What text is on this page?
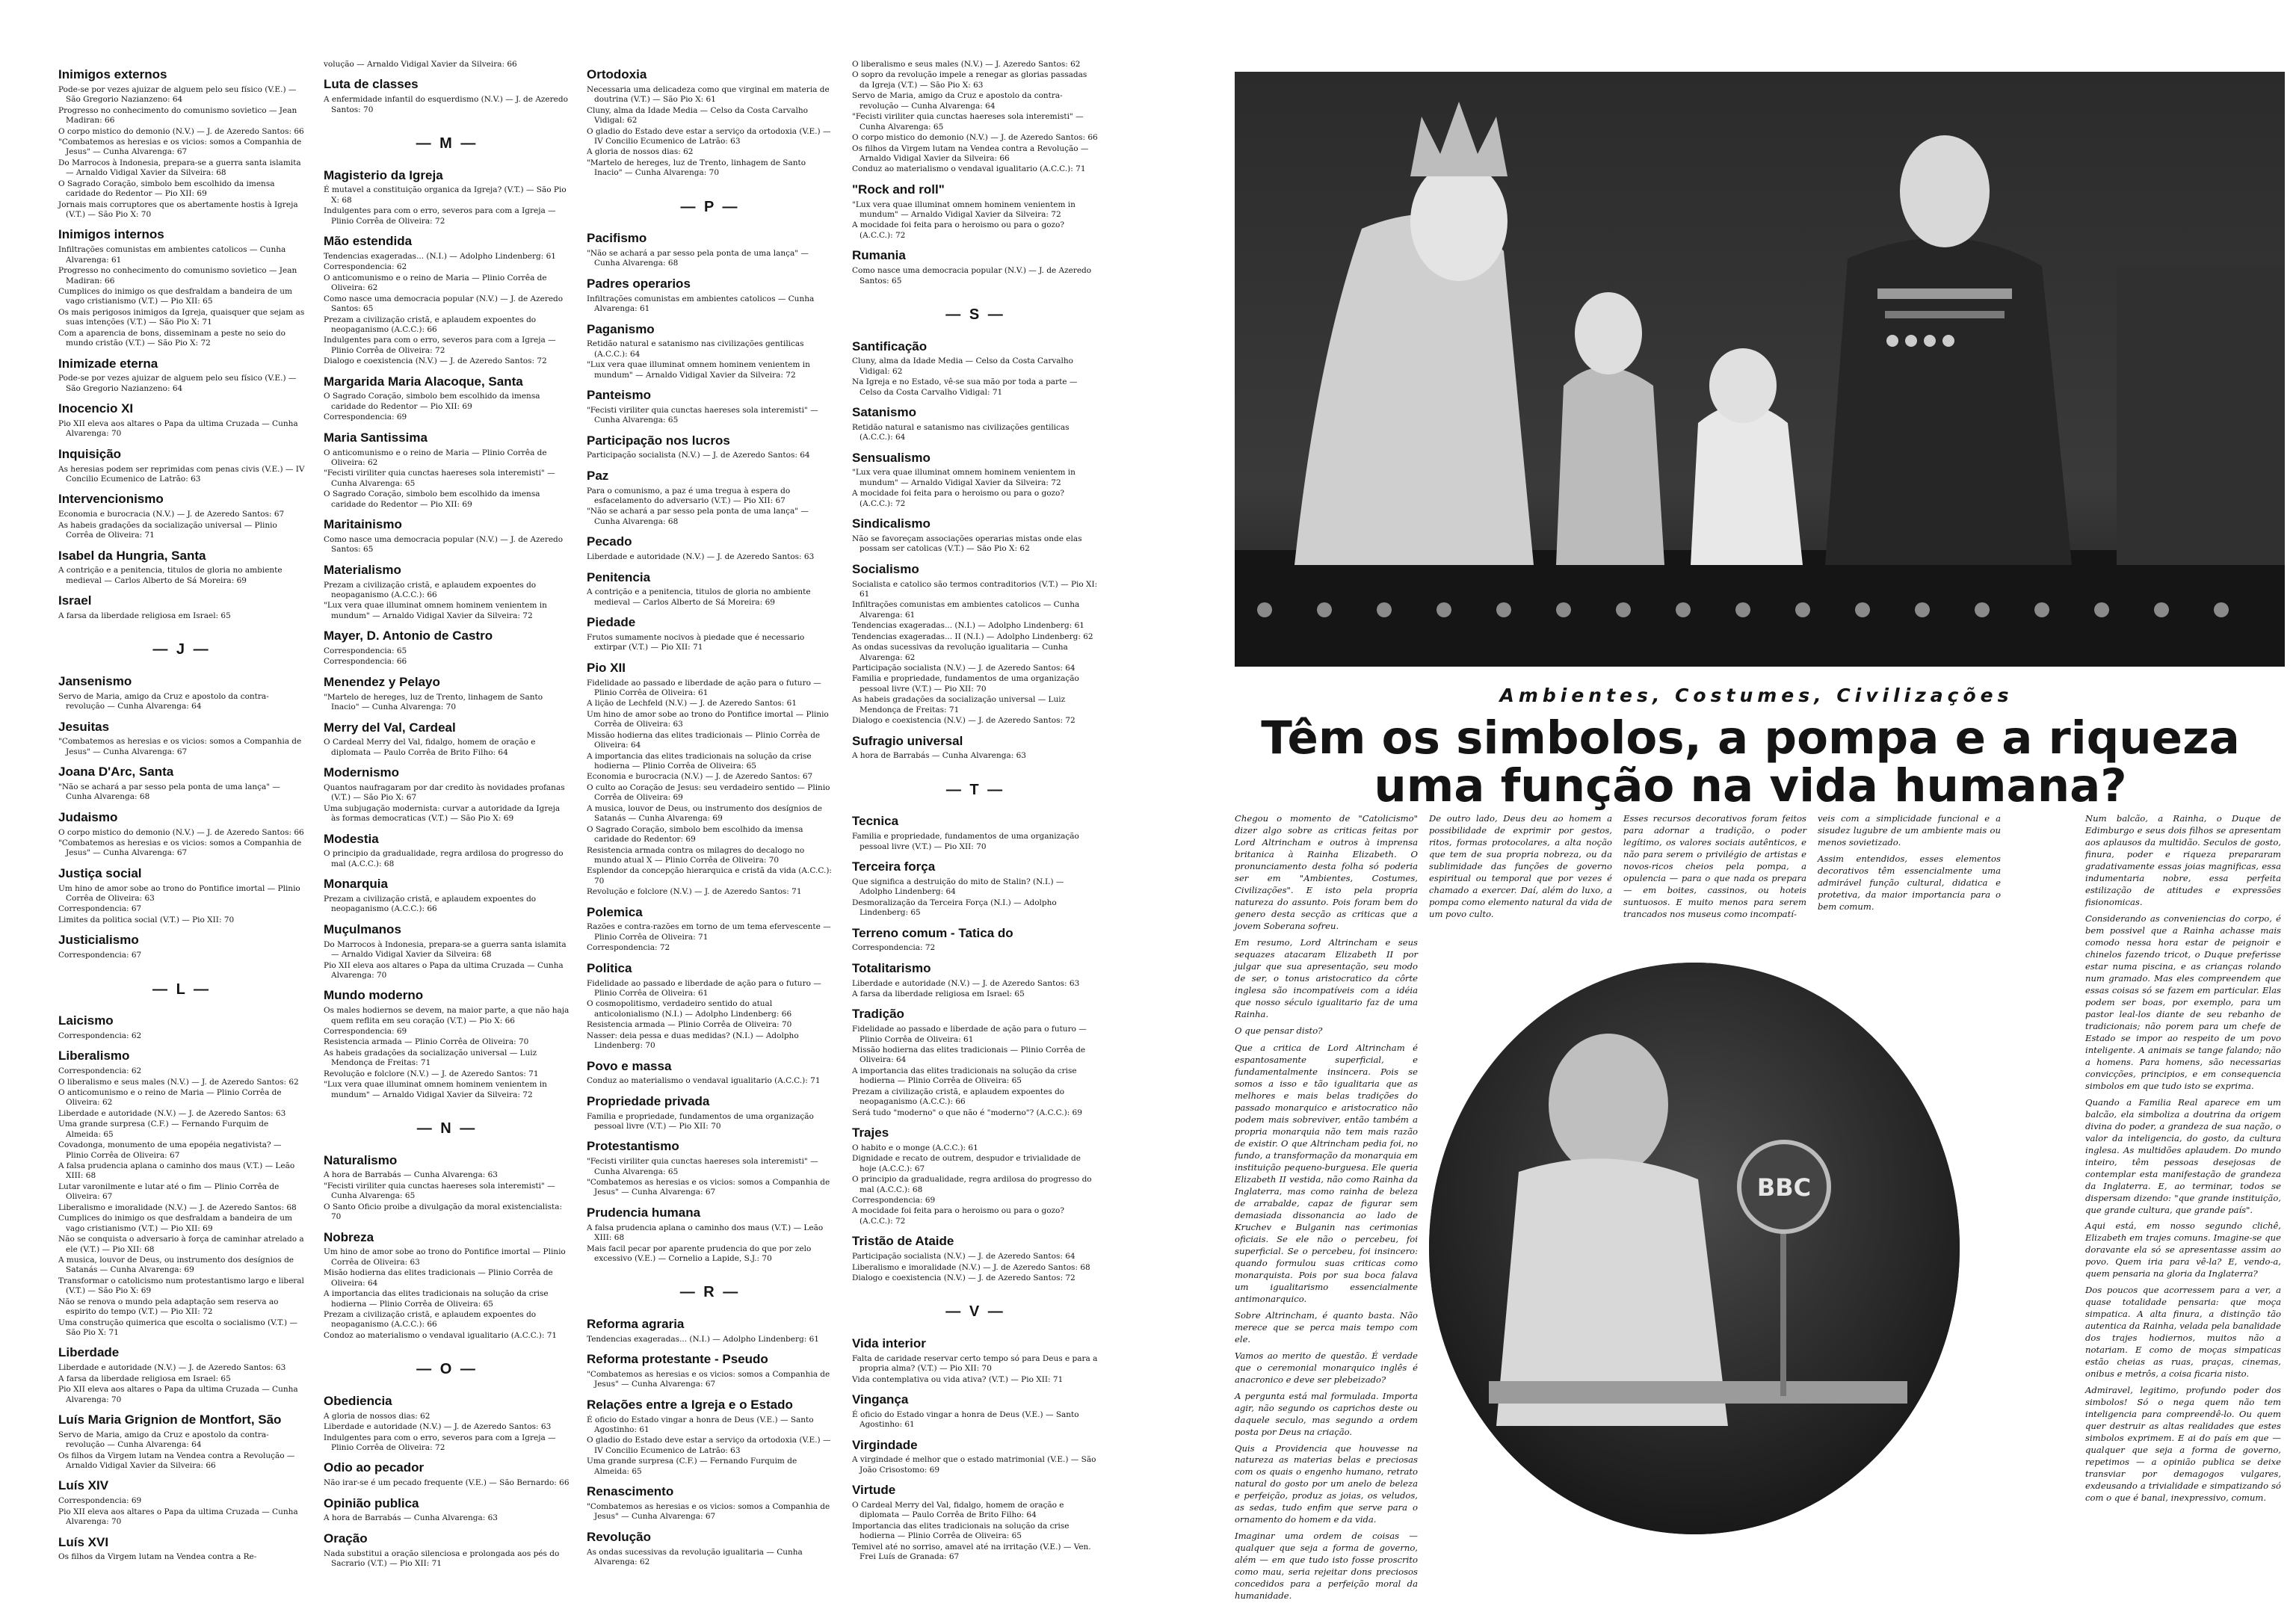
Inimigos externos
Pode-se por vezes ajuizar de alguem pelo seu físico (V.E.) — São Gregorio Nazianzeno: 64
Progresso no conhecimento do comunismo sovietico — Jean Madiran: 66
O corpo mistico do demonio (N.V.) — J. de Azeredo Santos: 66
"Combatemos as heresias e os vicios: somos a Companhia de Jesus" — Cunha Alvarenga: 67
Do Marrocos à Indonesia, prepara-se a guerra santa islamita — Arnaldo Vidigal Xavier da Silveira: 68
O Sagrado Coração, simbolo bem escolhido da imensa caridade do Redentor — Pio XII: 69
Jornais mais corruptores que os abertamente hostis à Igreja (V.T.) — São Pio X: 70
Inimigos internos
Infiltrações comunistas em ambientes catolicos — Cunha Alvarenga: 61
Progresso no conhecimento do comunismo sovietico — Jean Madiran: 66
Cumplices do inimigo os que desfraldam a bandeira de um vago cristianismo (V.T.) — Pio XII: 65
Os mais perigosos inimigos da Igreja, quaisquer que sejam as suas intenções (V.T.) — São Pio X: 71
Com a aparencia de bons, disseminam a peste no seio do mundo cristão (V.T.) — São Pio X: 72
Inimizade eterna
Pode-se por vezes ajuizar de alguem pelo seu físico (V.E.) — São Gregorio Nazianzeno: 64
Inocencio XI
Pio XII eleva aos altares o Papa da ultima Cruzada — Cunha Alvarenga: 70
Inquisição
As heresias podem ser reprimidas com penas civis (V.E.) — IV Concilio Ecumenico de Latrão: 63
Intervencionismo
Economia e burocracia (N.V.) — J. de Azeredo Santos: 67
As habeis gradações da socialização universal — Plinio Corrêa de Oliveira: 71
Isabel da Hungria, Santa
A contrição e a penitencia, titulos de gloria no ambiente medieval — Carlos Alberto de Sá Moreira: 69
Israel
A farsa da liberdade religiosa em Israel: 65
— J —
Jansenismo
Servo de Maria, amigo da Cruz e apostolo da contra-revolução — Cunha Alvarenga: 64
Jesuitas
"Combatemos as heresias e os vicios: somos a Companhia de Jesus" — Cunha Alvarenga: 67
Joana D'Arc, Santa
"Não se achará a par sesso pela ponta de uma lança" — Cunha Alvarenga: 68
Judaismo
O corpo mistico do demonio (N.V.) — J. de Azeredo Santos: 66
"Combatemos as heresias e os vicios: somos a Companhia de Jesus" — Cunha Alvarenga: 67
Justiça social
Um hino de amor sobe ao trono do Pontifice imortal — Plinio Corrêa de Oliveira: 63
Correspondencia: 67
Limites da politica social (V.T.) — Pio XII: 70
Justicialismo
Correspondencia: 67
— L —
Laicismo
Correspondencia: 62
Liberalismo
Correspondencia: 62
O liberalismo e seus males (N.V.) — J. de Azeredo Santos: 62
O anticomunismo e o reino de Maria — Plinio Corrêa de Oliveira: 62
Liberdade e autoridade (N.V.) — J. de Azeredo Santos: 63
Uma grande surpresa (C.F.) — Fernando Furquim de Almeida: 65
Covadonga, monumento de uma epopéia negativista? — Plinio Corrêa de Oliveira: 67
A falsa prudencia aplana o caminho dos maus (V.T.) — Leão XIII: 68
Lutar varonilmente e lutar até o fim — Plinio Corrêa de Oliveira: 67
Liberalismo e imoralidade (N.V.) — J. de Azeredo Santos: 68
Cumplices do inimigo os que desfraldam a bandeira de um vago cristianismo (V.T.) — Pio XII: 69
Não se conquista o adversario à força de caminhar atrelado a ele (V.T.) — Pio XII: 68
A musica, louvor de Deus, ou instrumento dos desígnios de Satanás — Cunha Alvarenga: 69
Transformar o catolicismo num protestantismo largo e liberal (V.T.) — São Pio X: 69
Não se renova o mundo pela adaptação sem reserva ao espirito do tempo (V.T.) — Pio XII: 72
Uma construção quimerica que escolta o socialismo (V.T.) — São Pio X: 71
Liberdade
Liberdade e autoridade (N.V.) — J. de Azeredo Santos: 63
A farsa da liberdade religiosa em Israel: 65
Pio XII eleva aos altares o Papa da ultima Cruzada — Cunha Alvarenga: 70
Luís Maria Grignion de Montfort, São
Servo de Maria, amigo da Cruz e apostolo da contra-revolução — Cunha Alvarenga: 64
Os filhos da Virgem lutam na Vendea contra a Revolução — Arnaldo Vidigal Xavier da Silveira: 66
Luís XIV
Correspondencia: 69
Pio XII eleva aos altares o Papa da ultima Cruzada — Cunha Alvarenga: 70
Luís XVI
Os filhos da Virgem lutam na Vendea contra a Re-
volução — Arnaldo Vidigal Xavier da Silveira: 66
Luta de classes
A enfermidade infantil do esquerdismo (N.V.) — J. de Azeredo Santos: 70
— M —
Magisterio da Igreja
É mutavel a constituição organica da Igreja? (V.T.) — São Pio X: 68
Indulgentes para com o erro, severos para com a Igreja — Plinio Corrêa de Oliveira: 72
Mão estendida
Tendencias exageradas... (N.I.) — Adolpho Lindenberg: 61
Correspondencia: 62
O anticomunismo e o reino de Maria — Plinio Corrêa de Oliveira: 62
Como nasce uma democracia popular (N.V.) — J. de Azeredo Santos: 65
Prezam a civilização cristã, e aplaudem expoentes do neopaganismo (A.C.C.): 66
Indulgentes para com o erro, severos para com a Igreja — Plinio Corrêa de Oliveira: 72
Dialogo e coexistencia (N.V.) — J. de Azeredo Santos: 72
Margarida Maria Alacoque, Santa
O Sagrado Coração, simbolo bem escolhido da imensa caridade do Redentor — Pio XII: 69
Correspondencia: 69
Maria Santissima
O anticomunismo e o reino de Maria — Plinio Corrêa de Oliveira: 62
"Fecisti viriliter quia cunctas haereses sola interemisti" — Cunha Alvarenga: 65
O Sagrado Coração, simbolo bem escolhido da imensa caridade do Redentor — Pio XII: 69
Maritainismo
Como nasce uma democracia popular (N.V.) — J. de Azeredo Santos: 65
Materialismo
Prezam a civilização cristã, e aplaudem expoentes do neopaganismo (A.C.C.): 66
"Lux vera quae illuminat omnem hominem venientem in mundum" — Arnaldo Vidigal Xavier da Silveira: 72
Mayer, D. Antonio de Castro
Correspondencia: 65
Correspondencia: 66
Menendez y Pelayo
"Martelo de hereges, luz de Trento, linhagem de Santo Inacio" — Cunha Alvarenga: 70
Merry del Val, Cardeal
O Cardeal Merry del Val, fidalgo, homem de oração e diplomata — Paulo Corrêa de Brito Filho: 64
Modernismo
Quantos naufragaram por dar credito às novidades profanas (V.T.) — São Pio X: 67
Uma subjugação modernista: curvar a autoridade da Igreja às formas democraticas (V.T.) — São Pio X: 69
Modestia
O principio da gradualidade, regra ardilosa do progresso do mal (A.C.C.): 68
Monarquia
Prezam a civilização cristã, e aplaudem expoentes do neopaganismo (A.C.C.): 66
Muçulmanos
Do Marrocos à Indonesia, prepara-se a guerra santa islamita — Arnaldo Vidigal Xavier da Silveira: 68
Pio XII eleva aos altares o Papa da ultima Cruzada — Cunha Alvarenga: 70
Mundo moderno
Os males hodiernos se devem, na maior parte, a que não haja quem reflita em seu coração (V.T.) — Pio X: 66
Correspondencia: 69
Resistencia armada — Plinio Corrêa de Oliveira: 70
As habeis gradações da socialização universal — Luiz Mendonça de Freitas: 71
Revolução e folclore (N.V.) — J. de Azeredo Santos: 71
"Lux vera quae illuminat omnem hominem venientem in mundum" — Arnaldo Vidigal Xavier da Silveira: 72
— N —
Naturalismo
A hora de Barrabás — Cunha Alvarenga: 63
"Fecisti viriliter quia cunctas haereses sola interemisti" — Cunha Alvarenga: 65
O Santo Oficio proibe a divulgação da moral existencialista: 70
Nobreza
Um hino de amor sobe ao trono do Pontifice imortal — Plinio Corrêa de Oliveira: 63
Misão hodierna das elites tradicionais — Plinio Corrêa de Oliveira: 64
A importancia das elites tradicionais na solução da crise hodierna — Plinio Corrêa de Oliveira: 65
Prezam a civilização cristã, e aplaudem expoentes do neopaganismo (A.C.C.): 66
Condoz ao materialismo o vendaval igualitario (A.C.C.): 71
— O —
Obediencia
A gloria de nossos dias: 62
Liberdade e autoridade (N.V.) — J. de Azeredo Santos: 63
Indulgentes para com o erro, severos para com a Igreja — Plinio Corrêa de Oliveira: 72
Odio ao pecador
Não irar-se é um pecado frequente (V.E.) — São Bernardo: 66
Opinião publica
A hora de Barrabás — Cunha Alvarenga: 63
Oração
Nada substitui a oração silenciosa e prolongada aos pés do Sacrario (V.T.) — Pio XII: 71
Ortodoxia
Necessaria uma delicadeza como que virginal em materia de doutrina (V.T.) — São Pio X: 61
Cluny, alma da Idade Media — Celso da Costa Carvalho Vidigal: 62
O gladio do Estado deve estar a serviço da ortodoxia (V.E.) — IV Concilio Ecumenico de Latrão: 63
A gloria de nossos dias: 62
"Martelo de hereges, luz de Trento, linhagem de Santo Inacio" — Cunha Alvarenga: 70
— P —
Pacifismo
"Não se achará a par sesso pela ponta de uma lança" — Cunha Alvarenga: 68
Padres operarios
Infiltrações comunistas em ambientes catolicos — Cunha Alvarenga: 61
Paganismo
Retidão natural e satanismo nas civilizações gentilicas (A.C.C.): 64
"Lux vera quae illuminat omnem hominem venientem in mundum" — Arnaldo Vidigal Xavier da Silveira: 72
Panteismo
"Fecisti viriliter quia cunctas haereses sola interemisti" — Cunha Alvarenga: 65
Participação nos lucros
Participação socialista (N.V.) — J. de Azeredo Santos: 64
Paz
Para o comunismo, a paz é uma tregua à espera do esfacelamento do adversario (V.T.) — Pio XII: 67
"Não se achará a par sesso pela ponta de uma lança" — Cunha Alvarenga: 68
Pecado
Liberdade e autoridade (N.V.) — J. de Azeredo Santos: 63
Penitencia
A contrição e a penitencia, titulos de gloria no ambiente medieval — Carlos Alberto de Sá Moreira: 69
Piedade
Frutos sumamente nocivos à piedade que é necessario extirpar (V.T.) — Pio XII: 71
Pio XII
Fidelidade ao passado e liberdade de ação para o futuro — Plinio Corrêa de Oliveira: 61
A lição de Lechfeld (N.V.) — J. de Azeredo Santos: 61
Um hino de amor sobe ao trono do Pontifice imortal — Plinio Corrêa de Oliveira: 63
Missão hodierna das elites tradicionais — Plinio Corrêa de Oliveira: 64
A importancia das elites tradicionais na solução da crise hodierna — Plinio Corrêa de Oliveira: 65
Economia e burocracia (N.V.) — J. de Azeredo Santos: 67
O culto ao Coração de Jesus: seu verdadeiro sentido — Plinio Corrêa de Oliveira: 69
A musica, louvor de Deus, ou instrumento dos desígnios de Satanás — Cunha Alvarenga: 69
O Sagrado Coração, simbolo bem escolhido da imensa caridade do Redentor: 69
Resistencia armada contra os milagres do decalogo no mundo atual X — Plinio Corrêa de Oliveira: 70
Esplendor da concepção hierarquica e cristã da vida (A.C.C.): 70
Revolução e folclore (N.V.) — J. de Azeredo Santos: 71
Polemica
Razões e contra-razões em torno de um tema efervescente — Plinio Corrêa de Oliveira: 71
Correspondencia: 72
Politica
Fidelidade ao passado e liberdade de ação para o futuro — Plinio Corrêa de Oliveira: 61
O cosmopolitismo, verdadeiro sentido do atual anticolonialismo (N.I.) — Adolpho Lindenberg: 66
Resistencia armada — Plinio Corrêa de Oliveira: 70
Nasser: deia pessa e duas medidas? (N.I.) — Adolpho Lindenberg: 70
Povo e massa
Conduz ao materialismo o vendaval igualitario (A.C.C.): 71
Propriedade privada
Familia e propriedade, fundamentos de uma organização pessoal livre (V.T.) — Pio XII: 70
Protestantismo
"Fecisti viriliter quia cunctas haereses sola interemisti" — Cunha Alvarenga: 65
"Combatemos as heresias e os vicios: somos a Companhia de Jesus" — Cunha Alvarenga: 67
Prudencia humana
A falsa prudencia aplana o caminho dos maus (V.T.) — Leão XIII: 68
Mais facil pecar por aparente prudencia do que por zelo excessivo (V.E.) — Cornelio a Lapide, S.J.: 70
— R —
Reforma agraria
Tendencias exageradas... (N.I.) — Adolpho Lindenberg: 61
Reforma protestante - Pseudo
"Combatemos as heresias e os vicios: somos a Companhia de Jesus" — Cunha Alvarenga: 67
Relações entre a Igreja e o Estado
É oficio do Estado vingar a honra de Deus (V.E.) — Santo Agostinho: 61
O gladio do Estado deve estar a serviço da ortodoxia (V.E.) — IV Concilio Ecumenico de Latrão: 63
Uma grande surpresa (C.F.) — Fernando Furquim de Almeida: 65
Renascimento
"Combatemos as heresias e os vicios: somos a Companhia de Jesus" — Cunha Alvarenga: 67
Revolução
As ondas sucessivas da revolução igualitaria — Cunha Alvarenga: 62
O liberalismo e seus males (N.V.) — J. Azeredo Santos: 62
O sopro da revolução impele a renegar as glorias passadas da Igreja (V.T.) — São Pio X: 63
Servo de Maria, amigo da Cruz e apostolo da contra-revolução — Cunha Alvarenga: 64
"Fecisti viriliter quia cunctas haereses sola interemisti" — Cunha Alvarenga: 65
O corpo mistico do demonio (N.V.) — J. de Azeredo Santos: 66
Os filhos da Virgem lutam na Vendea contra a Revolução — Arnaldo Vidigal Xavier da Silveira: 66
Conduz ao materialismo o vendaval igualitario (A.C.C.): 71
"Rock and roll"
"Lux vera quae illuminat omnem hominem venientem in mundum" — Arnaldo Vidigal Xavier da Silveira: 72
A mocidade foi feita para o heroismo ou para o gozo? (A.C.C.): 72
Rumania
Como nasce uma democracia popular (N.V.) — J. de Azeredo Santos: 65
— S —
Santificação
Cluny, alma da Idade Media — Celso da Costa Carvalho Vidigal: 62
Na Igreja e no Estado, vê-se sua mão por toda a parte — Celso da Costa Carvalho Vidigal: 71
Satanismo
Retidão natural e satanismo nas civilizações gentilicas (A.C.C.): 64
Sensualismo
"Lux vera quae illuminat omnem hominem venientem in mundum" — Arnaldo Vidigal Xavier da Silveira: 72
A mocidade foi feita para o heroismo ou para o gozo? (A.C.C.): 72
Sindicalismo
Não se favoreçam associações operarias mistas onde elas possam ser catolicas (V.T.) — São Pio X: 62
Socialismo
Socialista e catolico são termos contraditorios (V.T.) — Pio XI: 61
Infiltrações comunistas em ambientes catolicos — Cunha Alvarenga: 61
Tendencias exageradas... (N.I.) — Adolpho Lindenberg: 61
Tendencias exageradas... II (N.I.) — Adolpho Lindenberg: 62
As ondas sucessivas da revolução igualitaria — Cunha Alvarenga: 62
Participação socialista (N.V.) — J. de Azeredo Santos: 64
Familia e propriedade, fundamentos de uma organização pessoal livre (V.T.) — Pio XII: 70
As habeis gradações da socialização universal — Luiz Mendonça de Freitas: 71
Dialogo e coexistencia (N.V.) — J. de Azeredo Santos: 72
Sufragio universal
A hora de Barrabás — Cunha Alvarenga: 63
— T —
Tecnica
Familia e propriedade, fundamentos de uma organização pessoal livre (V.T.) — Pio XII: 70
Terceira força
Que significa a destruição do mito de Stalin? (N.I.) — Adolpho Lindenberg: 64
Desmoralização da Terceira Força (N.I.) — Adolpho Lindenberg: 65
Terreno comum - Tatica do
Correspondencia: 72
Totalitarismo
Liberdade e autoridade (N.V.) — J. de Azeredo Santos: 63
A farsa da liberdade religiosa em Israel: 65
Tradição
Fidelidade ao passado e liberdade de ação para o futuro — Plinio Corrêa de Oliveira: 61
Missão hodierna das elites tradicionais — Plinio Corrêa de Oliveira: 64
A importancia das elites tradicionais na solução da crise hodierna — Plinio Corrêa de Oliveira: 65
Prezam a civilização cristã, e aplaudem expoentes do neopaganismo (A.C.C.): 66
Será tudo "moderno" o que não é "moderno"? (A.C.C.): 69
Trajes
O habito e o monge (A.C.C.): 61
Dignidade e recato de outrem, despudor e trivialidade de hoje (A.C.C.): 67
O principio da gradualidade, regra ardilosa do progresso do mal (A.C.C.): 68
Correspondencia: 69
A mocidade foi feita para o heroismo ou para o gozo? (A.C.C.): 72
Tristão de Ataide
Participação socialista (N.V.) — J. de Azeredo Santos: 64
Liberalismo e imoralidade (N.V.) — J. de Azeredo Santos: 68
Dialogo e coexistencia (N.V.) — J. de Azeredo Santos: 72
— V —
Vida interior
Falta de caridade reservar certo tempo só para Deus e para a propria alma? (V.T.) — Pio XII: 70
Vida contemplativa ou vida ativa? (V.T.) — Pio XII: 71
Vingança
É oficio do Estado vingar a honra de Deus (V.E.) — Santo Agostinho: 61
Virgindade
A virgindade é melhor que o estado matrimonial (V.E.) — São João Crisostomo: 69
Virtude
O Cardeal Merry del Val, fidalgo, homem de oração e diplomata — Paulo Corrêa de Brito Filho: 64
Importancia das elites tradicionais na solução da crise hodierna — Plinio Corrêa de Oliveira: 65
Temivel até no sorriso, amavel até na irritação (V.E.) — Ven. Frei Luís de Granada: 67
Ambientes, Costumes, Civilizações
Têm os simbolos, a pompa e a riqueza uma função na vida humana?

Chegou o momento de "Catolicismo" dizer algo sobre as criticas feitas por Lord Altrincham e outros à imprensa britanica à Rainha Elizabeth. O pronunciamento desta folha só poderia ser em "Ambientes, Costumes, Civilizações". E isto pela propria natureza do assunto. Pois foram bem do genero desta secção as criticas que a jovem Soberana sofreu.

Em resumo, Lord Altrincham e seus sequazes atacaram Elizabeth II por julgar que sua apresentação, seu modo de ser, o tonus aristocratico da côrte inglesa são incompatíveis com a idéia que nosso século igualitario faz de uma Rainha.

O que pensar disto?

De outro lado, Deus deu ao homem a possibilidade de exprimir por gestos, ritos, formas protocolares, a alta noção que tem de sua propria nobreza, ou da sublimidade das funções de governo espiritual ou temporal que por vezes é chamado a exercer. Daí, além do luxo, a pompa como elemento natural da vida de um povo culto.

Esses recursos decorativos foram feitos para adornar a tradição, o poder legítimo, os valores sociais autênticos, e não para serem o privilégio de artistas e novos-ricos cheios pela pompa, a opulencia — para o que nada os prepara — em boites, cassinos, ou hoteis suntuosos. E muito menos para serem trancados nos museus como incompatí-

veis com a simplicidade funcional e a sisudez lugubre de um ambiente mais ou menos sovietizado.

Assim entendidos, esses elementos decorativos têm essencialmente uma admirável função cultural, didatica e protetiva, da maior importancia para o bem comum.

Que a critica de Lord Altrincham é espantosamente superficial, e fundamentalmente insincera. Pois se somos a isso e tão igualitaria que as melhores e mais belas tradições do passado monarquico e aristocratico não podem mais sobreviver, então também a propria monarquia não tem mais razão de existir. O que Altrincham pedia foi, no fundo, a transformação da monarquia em instituição pequeno-burguesa. Ele queria Elizabeth II vestida, não como Rainha da Inglaterra, mas como rainha de beleza de arrabalde, capaz de figurar sem demasiada dissonancia ao lado de Kruchev e Bulganin nas cerimonias oficiais. Se ele não o percebeu, foi superficial. Se o percebeu, foi insincero: quando formulou suas criticas como monarquista. Pois por sua boca falava um igualitarismo essencialmente antimonarquico.

Sobre Altrincham, é quanto basta. Não merece que se perca mais tempo com ele.

Vamos ao merito de questão. É verdade que o ceremonial monarquico inglês é anacronico e deve ser plebeizado?

A pergunta está mal formulada. Importa agir, não segundo os caprichos deste ou daquele seculo, mas segundo a ordem posta por Deus na criação.

Quis a Providencia que houvesse na natureza as materias belas e preciosas com os quais o engenho humano, retrato natural do gosto por um anelo de beleza e perfeição, produz as joias, os veludos, as sedas, tudo enfim que serve para o ornamento do homem e da vida.

Imaginar uma ordem de coisas — qualquer que seja a forma de governo, além — em que tudo isto fosse proscrito como mau, seria rejeitar dons preciosos concedidos para a perfeição moral da humanidade.

Num balcão, a Rainha, o Duque de Edimburgo e seus dois filhos se apresentam aos aplausos da multidão. Seculos de gosto, finura, poder e riqueza prepararam gradativamente essas joias magnificas, essa indumentaria nobre, essa perfeita estilização de atitudes e expressões fisionomicas.

Considerando as conveniencias do corpo, é bem possivel que a Rainha achasse mais comodo nessa hora estar de peignoir e chinelos fazendo tricot, o Duque preferisse estar numa piscina, e as crianças rolando num gramado. Mas eles compreendem que essas coisas só se fazem em particular. Elas podem ser boas, por exemplo, para um pastor leal-los diante de seu rebanho de tradicionais; não porem para um chefe de Estado se impor ao respeito de um povo inteligente. A animais se tange falando; não a homens. Para homens, são necessarias convicções, principios, e em consequencia simbolos em que tudo isto se exprima.

Quando a Familia Real aparece em um balcão, ela simboliza a doutrina da origem divina do poder, a grandeza de sua nação, o valor da inteligencia, do gosto, da cultura inglesa. As multidões aplaudem. Do mundo inteiro, têm pessoas desejosas de contemplar esta manifestação de grandeza da Inglaterra. E, ao terminar, todos se dispersam dizendo: "que grande instituição, que grande cultura, que grande país".

Aqui está, em nosso segundo clichê, Elizabeth em trajes comuns. Imagine-se que doravante ela só se apresentasse assim ao povo. Quem iria para vê-la? E, vendo-a, quem pensaria na gloria da Inglaterra?

Dos poucos que acorressem para a ver, a quase totalidade pensaria: que moça simpatica. A alta finura, a distinção tão autentica da Rainha, velada pela banalidade dos trajes hodiernos, muitos não a notariam. E como de moças simpaticas estão cheias as ruas, praças, cinemas, onibus e metrôs, a coisa ficaria nisto.

Admiravel, legitimo, profundo poder dos simbolos! Só o nega quem não tem inteligencia para compreendê-lo. Ou quem quer destruir as altas realidades que estes simbolos exprimem. E ai do país em que — qualquer que seja a forma de governo, repetimos — a opinião publica se deixe transviar por demagogos vulgares, exdeusando a trivialidade e simpatizando só com o que é banal, inexpressivo, comum.

BBC
